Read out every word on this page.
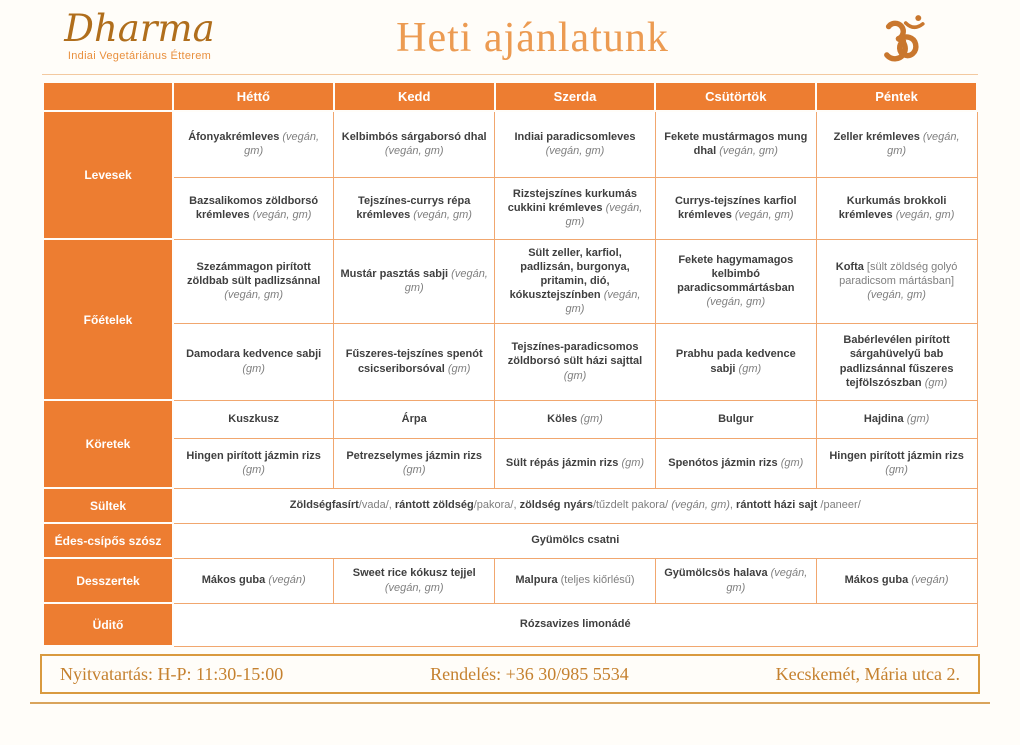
Dharma
Indiai Vegetáriánus Étterem	Heti ajánlatunk
	Héttő	Kedd	Szerda	Csütörtök	Péntek
Levesek	Áfonyakrémleves (vegán, gm)	Kelbimbós sárgaborsó dhal (vegán, gm)	Indiai paradicsomleves (vegán, gm)	Fekete mustármagos mung dhal (vegán, gm)	Zeller krémleves (vegán, gm)
	Bazsalikomos zöldborsó krémleves (vegán, gm)	Tejszínes-currys répa krémleves (vegán, gm)	Rizstejszínes kurkumás cukkini krémleves (vegán, gm)	Currys-tejszínes karfiol krémleves (vegán, gm)	Kurkumás brokkoli krémleves (vegán, gm)
Főételek	Szezámmagon pirított zöldbab sült padlizsánnal (vegán, gm)	Mustár pasztás sabji (vegán, gm)	Sült zeller, karfiol, padlizsán, burgonya, pritamin, dió, kókusztejszínben (vegán, gm)	Fekete hagymamagos kelbimbó paradicsommártásban (vegán, gm)	Kofta [sült zöldség golyó paradicsom mártásban] (vegán, gm)
	Damodara kedvence sabji (gm)	Fűszeres-tejszínes spenót csicseriborsóval (gm)	Tejszínes-paradicsomos zöldborsó sült házi sajttal (gm)	Prabhu pada kedvence sabji (gm)	Babérlevélen pirított sárgahüvelyű bab padlizsánnal fűszeres tejfölszószban (gm)
Köretek	Kuszkusz	Árpa	Köles (gm)	Bulgur	Hajdina (gm)
	Hingen pirított jázmin rizs (gm)	Petrezselymes jázmin rizs (gm)	Sült répás jázmin rizs (gm)	Spenótos jázmin rizs (gm)	Hingen pirított jázmin rizs (gm)
Sültek	Zöldségfasírt/vada/, rántott zöldség/pakora/, zöldség nyárs/tűzdelt pakora/ (vegán, gm), rántott házi sajt /paneer/				
Édes-csípős szósz	Gyümölcs csatni				
Desszertek	Mákos guba (vegán)	Sweet rice kókusz tejjel (vegán, gm)	Malpura (teljes kiőrlésű)	Gyümölcsös halava (vegán, gm)	Mákos guba (vegán)
Üditő	Rózsavizes limonádé				
Nyitvatartás: H-P: 11:30-15:00	Rendelés: +36 30/985 5534	Kecskemét, Mária utca 2.
